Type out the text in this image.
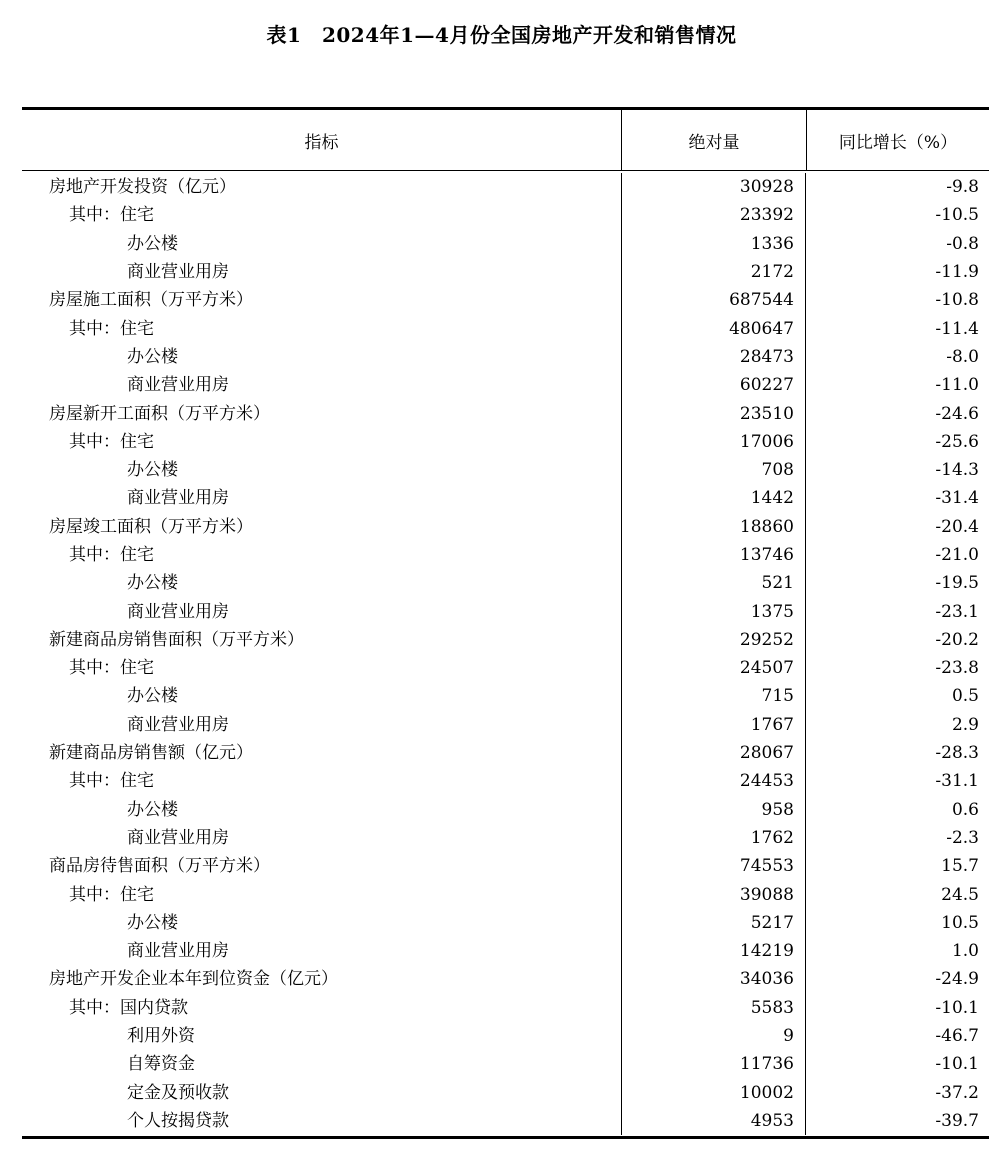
表1　2024年1—4月份全国房地产开发和销售情况
指标	绝对量	同比增长（%）
房地产开发投资（亿元）	30928	-9.8
其中：住宅	23392	-10.5
办公楼	1336	-0.8
商业营业用房	2172	-11.9
房屋施工面积（万平方米）	687544	-10.8
其中：住宅	480647	-11.4
办公楼	28473	-8.0
商业营业用房	60227	-11.0
房屋新开工面积（万平方米）	23510	-24.6
其中：住宅	17006	-25.6
办公楼	708	-14.3
商业营业用房	1442	-31.4
房屋竣工面积（万平方米）	18860	-20.4
其中：住宅	13746	-21.0
办公楼	521	-19.5
商业营业用房	1375	-23.1
新建商品房销售面积（万平方米）	29252	-20.2
其中：住宅	24507	-23.8
办公楼	715	0.5
商业营业用房	1767	2.9
新建商品房销售额（亿元）	28067	-28.3
其中：住宅	24453	-31.1
办公楼	958	0.6
商业营业用房	1762	-2.3
商品房待售面积（万平方米）	74553	15.7
其中：住宅	39088	24.5
办公楼	5217	10.5
商业营业用房	14219	1.0
房地产开发企业本年到位资金（亿元）	34036	-24.9
其中：国内贷款	5583	-10.1
利用外资	9	-46.7
自筹资金	11736	-10.1
定金及预收款	10002	-37.2
个人按揭贷款	4953	-39.7
